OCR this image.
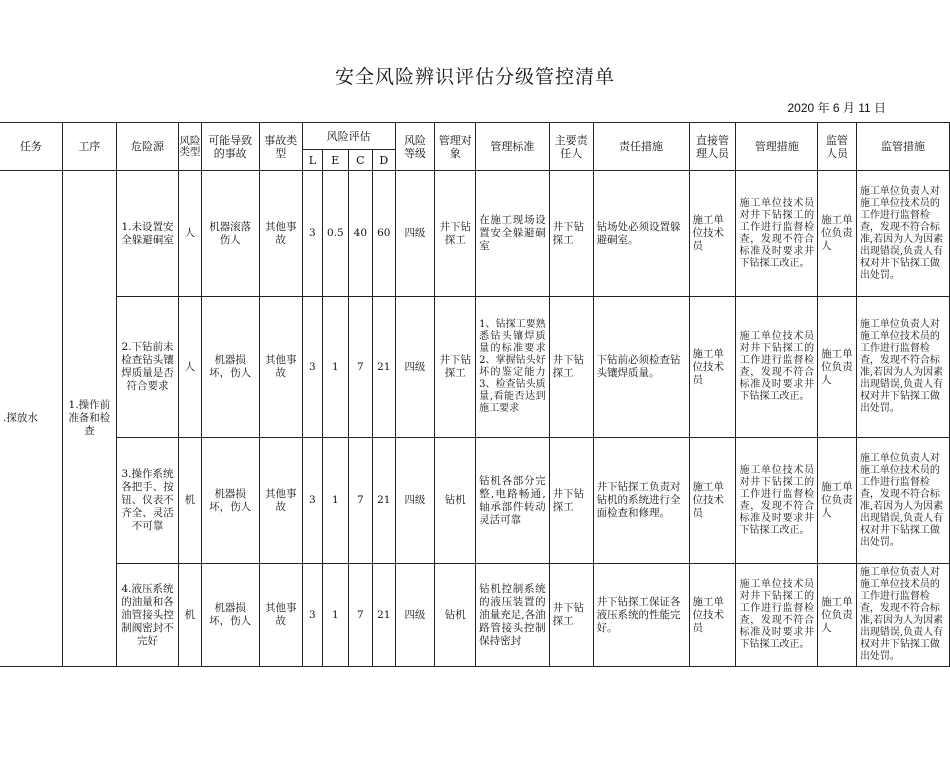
安全风险辨识评估分级管控清单
2020 年 6 月 11 日
任务	工序	危险源	风险类型	可能导致的事故	事故类型	风险评估				风险等级	管理对象	管理标准	主要责任人	责任措施	直接管理人员	管理措施	监管人员	监管措施
						L	E	C	D									
.探放水	1.操作前准备和检查	1.未设置安全躲避硐室	人	机器滚落伤人	其他事故	3	0.5	40	60	四级	井下钻探工	在施工现场设置安全躲避硐室	井下钻探工	钻场处必须设置躲避硐室。	施工单位技术员	施工单位技术员对井下钻探工的工作进行监督检查，发现不符合标准及时要求井下钻探工改正。	施工单位负责人	施工单位负责人对施工单位技术员的工作进行监督检查，发现不符合标准,若因为人为因素出现错误,负责人有权对井下钻探工做出处罚。
		2.下钻前未检查钻头镶焊质量是否符合要求	人	机器损坏，伤人	其他事故	3	1	7	21	四级	井下钻探工	1、钻探工要熟悉钻头镶焊质量的标准要求 2、掌握钻头好坏的鉴定能力 3、检查钻头质量,看能否达到施工要求	井下钻探工	下钻前必须检查钻头镶焊质量。	施工单位技术员	施工单位技术员对井下钻探工的工作进行监督检查，发现不符合标准及时要求井下钻探工改正。	施工单位负责人	施工单位负责人对施工单位技术员的工作进行监督检查，发现不符合标准,若因为人为因素出现错误,负责人有权对井下钻探工做出处罚。
		3.操作系统各把手、按钮、仪表不齐全、灵活不可靠	机	机器损坏，伤人	其他事故	3	1	7	21	四级	钻机	钻机各部分完整,电路畅通,轴承部件转动灵活可靠	井下钻探工	井下钻探工负责对钻机的系统进行全面检查和修理。	施工单位技术员	施工单位技术员对井下钻探工的工作进行监督检查，发现不符合标准及时要求井下钻探工改正。	施工单位负责人	施工单位负责人对施工单位技术员的工作进行监督检查，发现不符合标准,若因为人为因素出现错误,负责人有权对井下钻探工做出处罚。
		4.液压系统的油量和各油管接头控制阀密封不完好	机	机器损坏，伤人	其他事故	3	1	7	21	四级	钻机	钻机控制系统的液压装置的油量充足,各油路管接头控制保持密封	井下钻探工	井下钻探工保证各液压系统的性能完好。	施工单位技术员	施工单位技术员对井下钻探工的工作进行监督检查，发现不符合标准及时要求井下钻探工改正。	施工单位负责人	施工单位负责人对施工单位技术员的工作进行监督检查，发现不符合标准,若因为人为因素出现错误,负责人有权对井下钻探工做出处罚。
